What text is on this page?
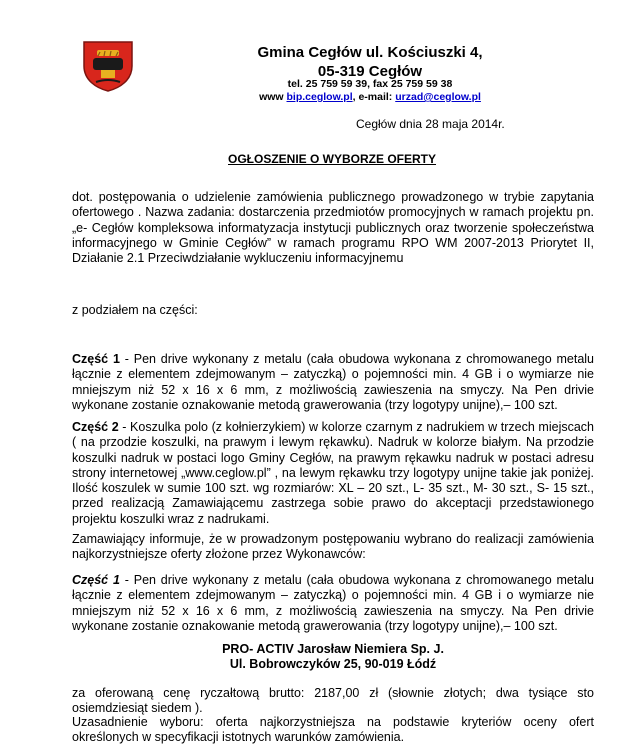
Gmina Cegłów ul. Kościuszki 4,
05-319 Cegłów
tel. 25 759 59 39, fax 25 759 59 38
www bip.ceglow.pl, e-mail: urzad@ceglow.pl
Cegłów dnia 28 maja 2014r.
OGŁOSZENIE O WYBORZE OFERTY
dot. postępowania o udzielenie zamówienia publicznego prowadzonego w trybie zapytania ofertowego . Nazwa zadania: dostarczenia przedmiotów promocyjnych w ramach projektu pn. „e- Cegłów kompleksowa informatyzacja instytucji publicznych oraz tworzenie społeczeństwa informacyjnego w Gminie Cegłów” w ramach programu RPO WM 2007-2013 Priorytet II, Działanie 2.1 Przeciwdziałanie wykluczeniu informacyjnemu
z podziałem na części:
Część 1 - Pen drive wykonany z metalu (cała obudowa wykonana z chromowanego metalu łącznie z elementem zdejmowanym – zatyczką) o pojemności min. 4 GB i o wymiarze nie mniejszym niż 52 x 16 x 6 mm, z możliwością zawieszenia na smyczy. Na Pen drivie wykonane zostanie oznakowanie metodą grawerowania (trzy logotypy unijne),– 100 szt.
Część 2 - Koszulka polo (z kołnierzykiem) w kolorze czarnym z nadrukiem w trzech miejscach ( na przodzie koszulki, na prawym i lewym rękawku). Nadruk w kolorze białym. Na przodzie koszulki nadruk w postaci logo Gminy Cegłów, na prawym rękawku nadruk w postaci adresu strony internetowej „www.ceglow.pl” , na lewym rękawku trzy logotypy unijne takie jak poniżej. Ilość koszulek w sumie 100 szt. wg rozmiarów: XL – 20 szt., L- 35 szt., M- 30 szt., S- 15 szt., przed realizacją Zamawiającemu zastrzega sobie prawo do akceptacji przedstawionego projektu koszulki wraz z nadrukami.
Zamawiający informuje, że w prowadzonym postępowaniu wybrano do realizacji zamówienia najkorzystniejsze oferty złożone przez Wykonawców:
Część 1 - Pen drive wykonany z metalu (cała obudowa wykonana z chromowanego metalu łącznie z elementem zdejmowanym – zatyczką) o pojemności min. 4 GB i o wymiarze nie mniejszym niż 52 x 16 x 6 mm, z możliwością zawieszenia na smyczy. Na Pen drivie wykonane zostanie oznakowanie metodą grawerowania (trzy logotypy unijne),– 100 szt.
PRO- ACTIV Jarosław Niemiera Sp. J.
Ul. Bobrowczyków 25, 90-019 Łódź
za oferowaną cenę ryczałtową brutto: 2187,00 zł (słownie złotych; dwa tysiące sto osiemdziesiąt siedem ).
Uzasadnienie wyboru: oferta najkorzystniejsza na podstawie kryteriów oceny ofert określonych w specyfikacji istotnych warunków zamówienia.
